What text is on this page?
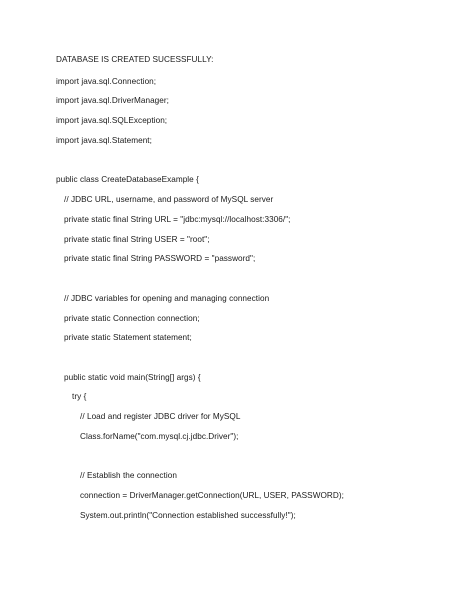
DATABASE IS CREATED SUCESSFULLY:
import java.sql.Connection;
import java.sql.DriverManager;
import java.sql.SQLException;
import java.sql.Statement;
public class CreateDatabaseExample {
// JDBC URL, username, and password of MySQL server
private static final String URL = "jdbc:mysql://localhost:3306/";
private static final String USER = "root";
private static final String PASSWORD = "password";
// JDBC variables for opening and managing connection
private static Connection connection;
private static Statement statement;
public static void main(String[] args) {
try {
// Load and register JDBC driver for MySQL
Class.forName("com.mysql.cj.jdbc.Driver");
// Establish the connection
connection = DriverManager.getConnection(URL, USER, PASSWORD);
System.out.println("Connection established successfully!");
